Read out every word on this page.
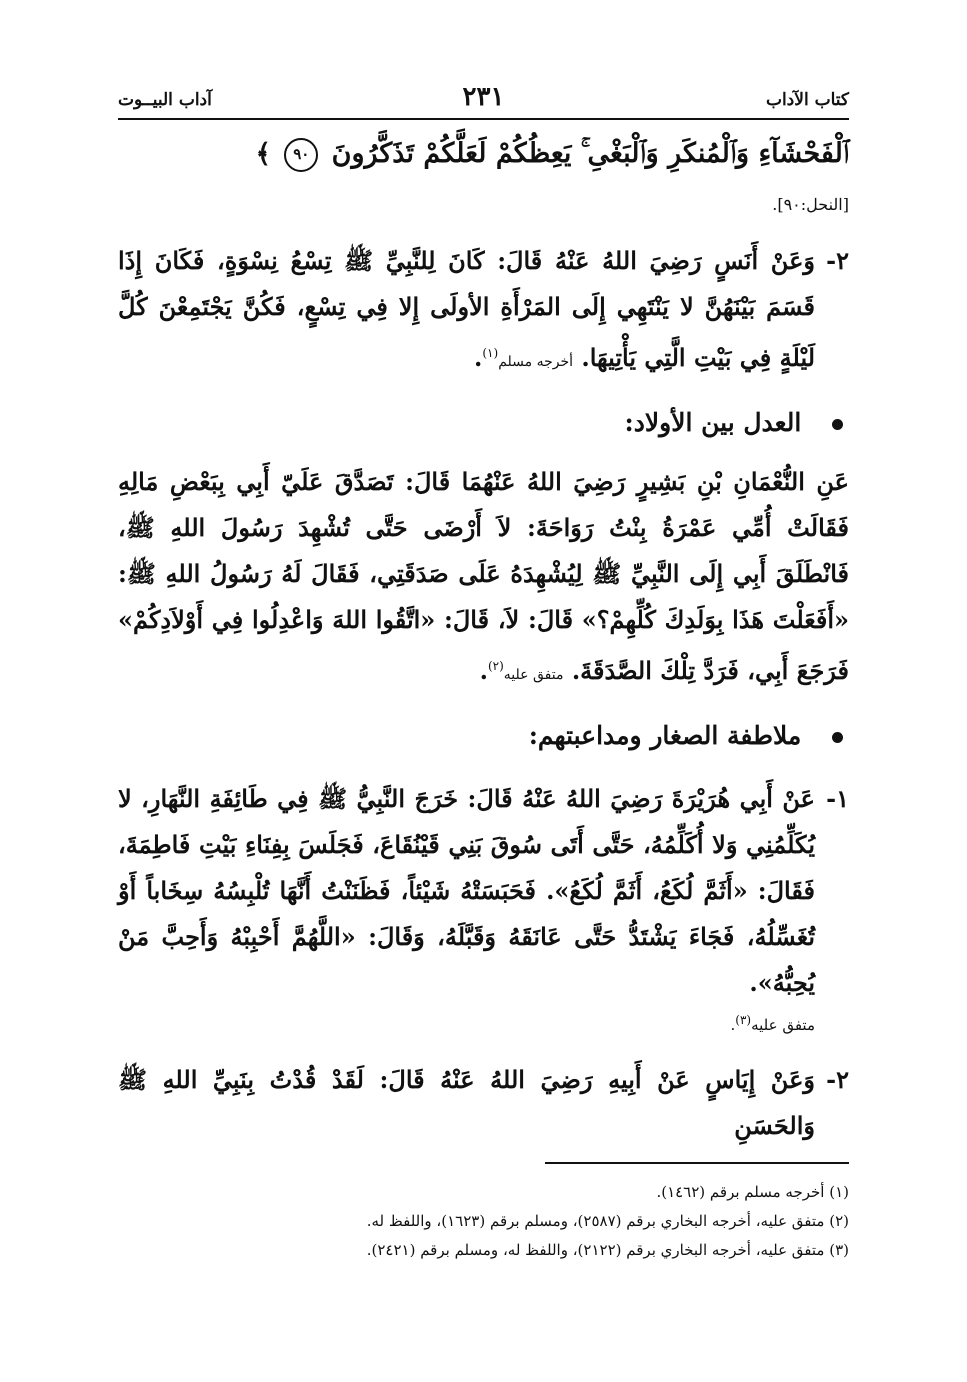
كتاب الآداب
٢٣١
آداب البيــوت
ٱلْفَحْشَآءِ وَٱلْمُنكَرِ وَٱلْبَغْىِ ۚ يَعِظُكُمْ لَعَلَّكُمْ تَذَكَّرُونَ ٩٠ ﴾
[النحل:٩٠].
٢-
وَعَنْ أَنَسٍ رَضِيَ اللهُ عَنْهُ قَالَ: كَانَ لِلنَّبِيِّ ﷺ تِسْعُ نِسْوَةٍ، فَكَانَ إِذَا قَسَمَ بَيْنَهُنَّ لا يَنْتَهِي إِلَى المَرْأَةِ الأولَى إِلا فِي تِسْعٍ، فَكُنَّ يَجْتَمِعْنَ كُلَّ لَيْلَةٍ فِي بَيْتِ الَّتِي يَأْتِيهَا. أخرجه مسلم$^{(١)}$.
العدل بين الأولاد:

عَنِ النُّعْمَانِ بْنِ بَشِيرٍ رَضِيَ اللهُ عَنْهُمَا قَالَ: تَصَدَّقَ عَلَيّ أَبِي بِبَعْضِ مَالِهِ فَقَالَتْ أُمِّي عَمْرَةُ بِنْتُ رَوَاحَةَ: لاَ أَرْضَى حَتَّى تُشْهِدَ رَسُولَ اللهِ ﷺ، فَانْطَلَقَ أَبِي إِلَى النَّبِيِّ ﷺ لِيُشْهِدَهُ عَلَى صَدَقَتِي، فَقَالَ لَهُ رَسُولُ اللهِ ﷺ: «أَفَعَلْتَ هَذَا بِوَلَدِكَ كُلِّهِمْ؟» قَالَ: لاَ، قَالَ: «اتَّقُوا اللهَ وَاعْدِلُوا فِي أَوْلاَدِكُمْ» فَرَجَعَ أَبِي، فَرَدَّ تِلْكَ الصَّدَقَةَ. متفق عليه$^{(٢)}$.

ملاطفة الصغار ومداعبتهم:
١-
عَنْ أَبِي هُرَيْرَةَ رَضِيَ اللهُ عَنْهُ قَالَ: خَرَجَ النَّبِيُّ ﷺ فِي طَائِفَةِ النَّهَارِ، لا يُكَلِّمُنِي وَلا أُكَلِّمُهُ، حَتَّى أَتَى سُوقَ بَنِي قَيْنُقَاعَ، فَجَلَسَ بِفِنَاءِ بَيْتِ فَاطِمَةَ، فَقَالَ: «أَثَمَّ لُكَعُ، أَثَمَّ لُكَعُ». فَحَبَسَتْهُ شَيْئاً، فَظَنَنْتُ أَنَّهَا تُلْبِسُهُ سِخَاباً أَوْ تُغَسِّلُهُ، فَجَاءَ يَشْتَدُّ حَتَّى عَانَقَهُ وَقَبَّلَهُ، وَقَالَ: «اللَّهُمَّ أَحْبِبْهُ وَأَحِبَّ مَنْ يُحِبُّهُ».
متفق عليه$^{(٣)}$.
٢-
وَعَنْ إِيَاسٍ عَنْ أَبِيهِ رَضِيَ اللهُ عَنْهُ قَالَ: لَقَدْ قُدْتُ بِنَبِيِّ اللهِ ﷺ وَالحَسَنِ
(١) أخرجه مسلم برقم (١٤٦٢).
(٢) متفق عليه، أخرجه البخاري برقم (٢٥٨٧)، ومسلم برقم (١٦٢٣)، واللفظ له.
(٣) متفق عليه، أخرجه البخاري برقم (٢١٢٢)، واللفظ له، ومسلم برقم (٢٤٢١).
